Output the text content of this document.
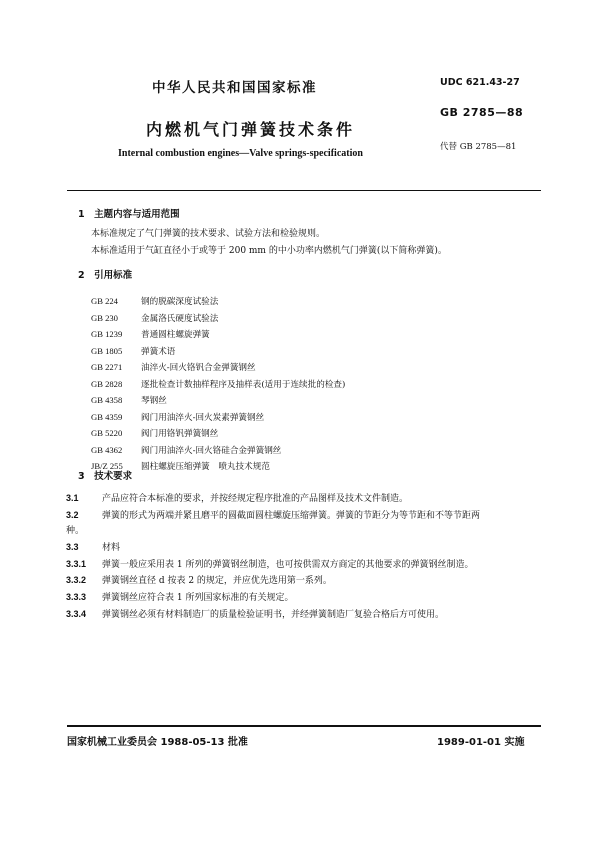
中华人民共和国国家标准	UDC 621.43-27
GB 2785—88
内燃机气门弹簧技术条件
代替 GB 2785—81
Internal combustion engines—Valve springs-specification
1　主题内容与适用范围
本标准规定了气门弹簧的技术要求、试验方法和检验规则。
本标准适用于气缸直径小于或等于 200 mm 的中小功率内燃机气门弹簧(以下简称弹簧)。
2　引用标准
GB 224	钢的脱碳深度试验法
GB 230	金属洛氏硬度试验法
GB 1239 普通圆柱螺旋弹簧
GB 1805 弹簧术语
GB 2271 油淬火-回火铬钒合金弹簧钢丝
GB 2828 逐批检查计数抽样程序及抽样表(适用于连续批的检查)
GB 4358 琴钢丝
GB 4359 阀门用油淬火-回火炭素弹簧钢丝
GB 5220 阀门用铬钒弹簧钢丝
GB 4362 阀门用油淬火-回火铬硅合金弹簧钢丝
JB/Z 255 圆柱螺旋压缩弹簧　喷丸技术规范
3　技术要求
3.1	产品应符合本标准的要求，并按经规定程序批准的产品图样及技术文件制造。
3.2	弹簧的形式为两端并紧且磨平的圆截面圆柱螺旋压缩弹簧。弹簧的节距分为等节距和不等节距两
种。
3.3	材料
3.3.1 弹簧一般应采用表 1 所列的弹簧钢丝制造，也可按供需双方商定的其他要求的弹簧钢丝制造。
3.3.2 弹簧钢丝直径 d 按表 2 的规定，并应优先选用第一系列。
3.3.3 弹簧钢丝应符合表 1 所列国家标准的有关规定。
3.3.4 弹簧钢丝必须有材料制造厂的质量检验证明书，并经弹簧制造厂复验合格后方可使用。
国家机械工业委员会 1988-05-13 批准	1989-01-01 实施
